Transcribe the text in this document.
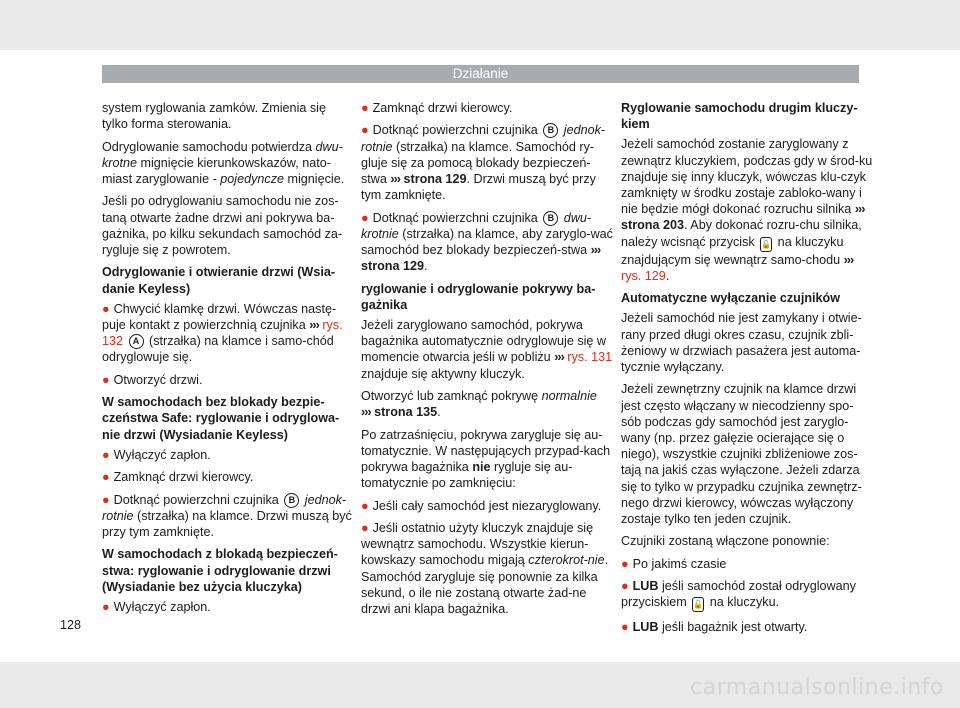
Działanie

system ryglowania zamków. Zmienia się tylko forma sterowania.

Odryglowanie samochodu potwierdza dwu-krotne mignięcie kierunkowskazów, nato-miast zaryglowanie - pojedyncze mignięcie.

Jeśli po odryglowaniu samochodu nie zos-taną otwarte żadne drzwi ani pokrywa ba-gażnika, po kilku sekundach samochód za-rygluje się z powrotem.

Odryglowanie i otwieranie drzwi (Wsia-danie Keyless)

● Chwycić klamkę drzwi. Wówczas nastę-puje kontakt z powierzchnią czujnika ››› rys. 132 A (strzałka) na klamce i samo-chód odryglowuje się.

● Otworzyć drzwi.

W samochodach bez blokady bezpie-czeństwa Safe: ryglowanie i odryglowa-nie drzwi (Wysiadanie Keyless)

● Wyłączyć zapłon.

● Zamknąć drzwi kierowcy.

● Dotknąć powierzchni czujnika B jednok-rotnie (strzałka) na klamce. Drzwi muszą być przy tym zamknięte.

W samochodach z blokadą bezpieczeń-stwa: ryglowanie i odryglowanie drzwi (Wysiadanie bez użycia kluczyka)

● Wyłączyć zapłon.

● Zamknąć drzwi kierowcy.

● Dotknąć powierzchni czujnika B jednok-rotnie (strzałka) na klamce. Samochód ry-gluje się za pomocą blokady bezpieczeń-stwa ››› strona 129. Drzwi muszą być przy tym zamknięte.

● Dotknąć powierzchni czujnika B dwu-krotnie (strzałka) na klamce, aby zaryglo-wać samochód bez blokady bezpieczeń-stwa ››› strona 129.

ryglowanie i odryglowanie pokrywy ba-gażnika

Jeżeli zaryglowano samochód, pokrywa bagażnika automatycznie odryglowuje się w momencie otwarcia jeśli w pobliżu ››› rys. 131 znajduje się aktywny kluczyk.

Otworzyć lub zamknąć pokrywę normalnie
››› strona 135.

Po zatrzaśnięciu, pokrywa zarygluje się au-tomatycznie. W następujących przypad-kach pokrywa bagażnika nie rygluje się au-tomatycznie po zamknięciu:

● Jeśli cały samochód jest niezaryglowany.

● Jeśli ostatnio użyty kluczyk znajduje się wewnątrz samochodu. Wszystkie kierun-kowskazy samochodu migają czterokrot-nie. Samochód zarygluje się ponownie za kilka sekund, o ile nie zostaną otwarte żad-ne drzwi ani klapa bagażnika.

Ryglowanie samochodu drugim kluczy-kiem

Jeżeli samochód zostanie zaryglowany z zewnątrz kluczykiem, podczas gdy w środ-ku znajduje się inny kluczyk, wówczas klu-czyk zamknięty w środku zostaje zabloko-wany i nie będzie mógł dokonać rozruchu silnika ››› strona 203. Aby dokonać rozru-chu silnika, należy wcisnąć przycisk 🔓 na kluczyku znajdującym się wewnątrz samo-chodu ››› rys. 129.

Automatyczne wyłączanie czujników

Jeżeli samochód nie jest zamykany i otwie-rany przed długi okres czasu, czujnik zbli-żeniowy w drzwiach pasażera jest automa-tycznie wyłączany.

Jeżeli zewnętrzny czujnik na klamce drzwi jest często włączany w niecodzienny spo-sób podczas gdy samochód jest zaryglo-wany (np. przez gałęzie ocierające się o niego), wszystkie czujniki zbliżeniowe zos-tają na jakiś czas wyłączone. Jeżeli zdarza się to tylko w przypadku czujnika zewnętrz-nego drzwi kierowcy, wówczas wyłączony zostaje tylko ten jeden czujnik.

Czujniki zostaną włączone ponownie:

● Po jakimś czasie

● LUB jeśli samochód został odryglowany przyciskiem 🔓 na kluczyku.

● LUB jeśli bagażnik jest otwarty.

128
carmanualsonline.info
